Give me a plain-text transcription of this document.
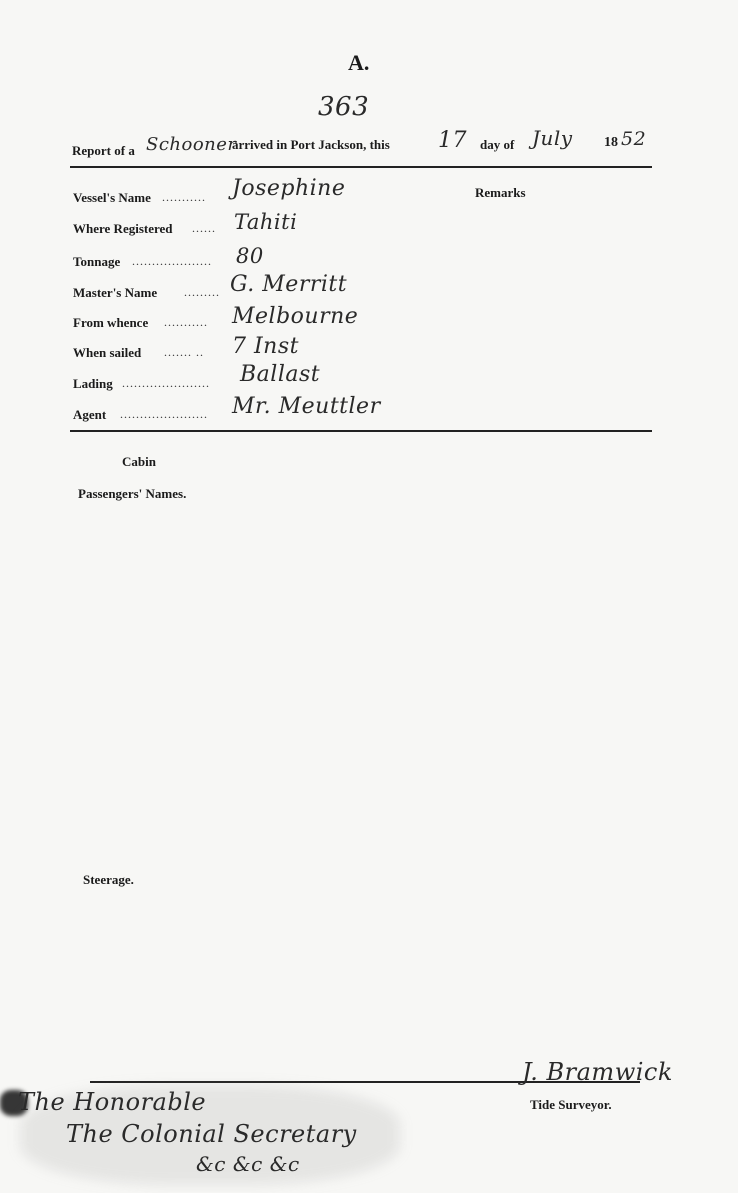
A.
363
Report of a Schooner
arrived in Port Jackson, this 17 day of July 18 52
Remarks
Vessel's Name ........... Josephine
Where Registered ...... Tahiti
Tonnage .................... 80
Master's Name ......... G. Merritt
From whence ........... Melbourne
When sailed ....... .. 7 Inst
Lading ...................... Ballast
Agent ...................... Mr. Meuttler
Cabin
Passengers' Names.
Steerage.
J. Bramwick
Tide Surveyor.
The Honorable
The Colonial Secretary
&c &c &c
